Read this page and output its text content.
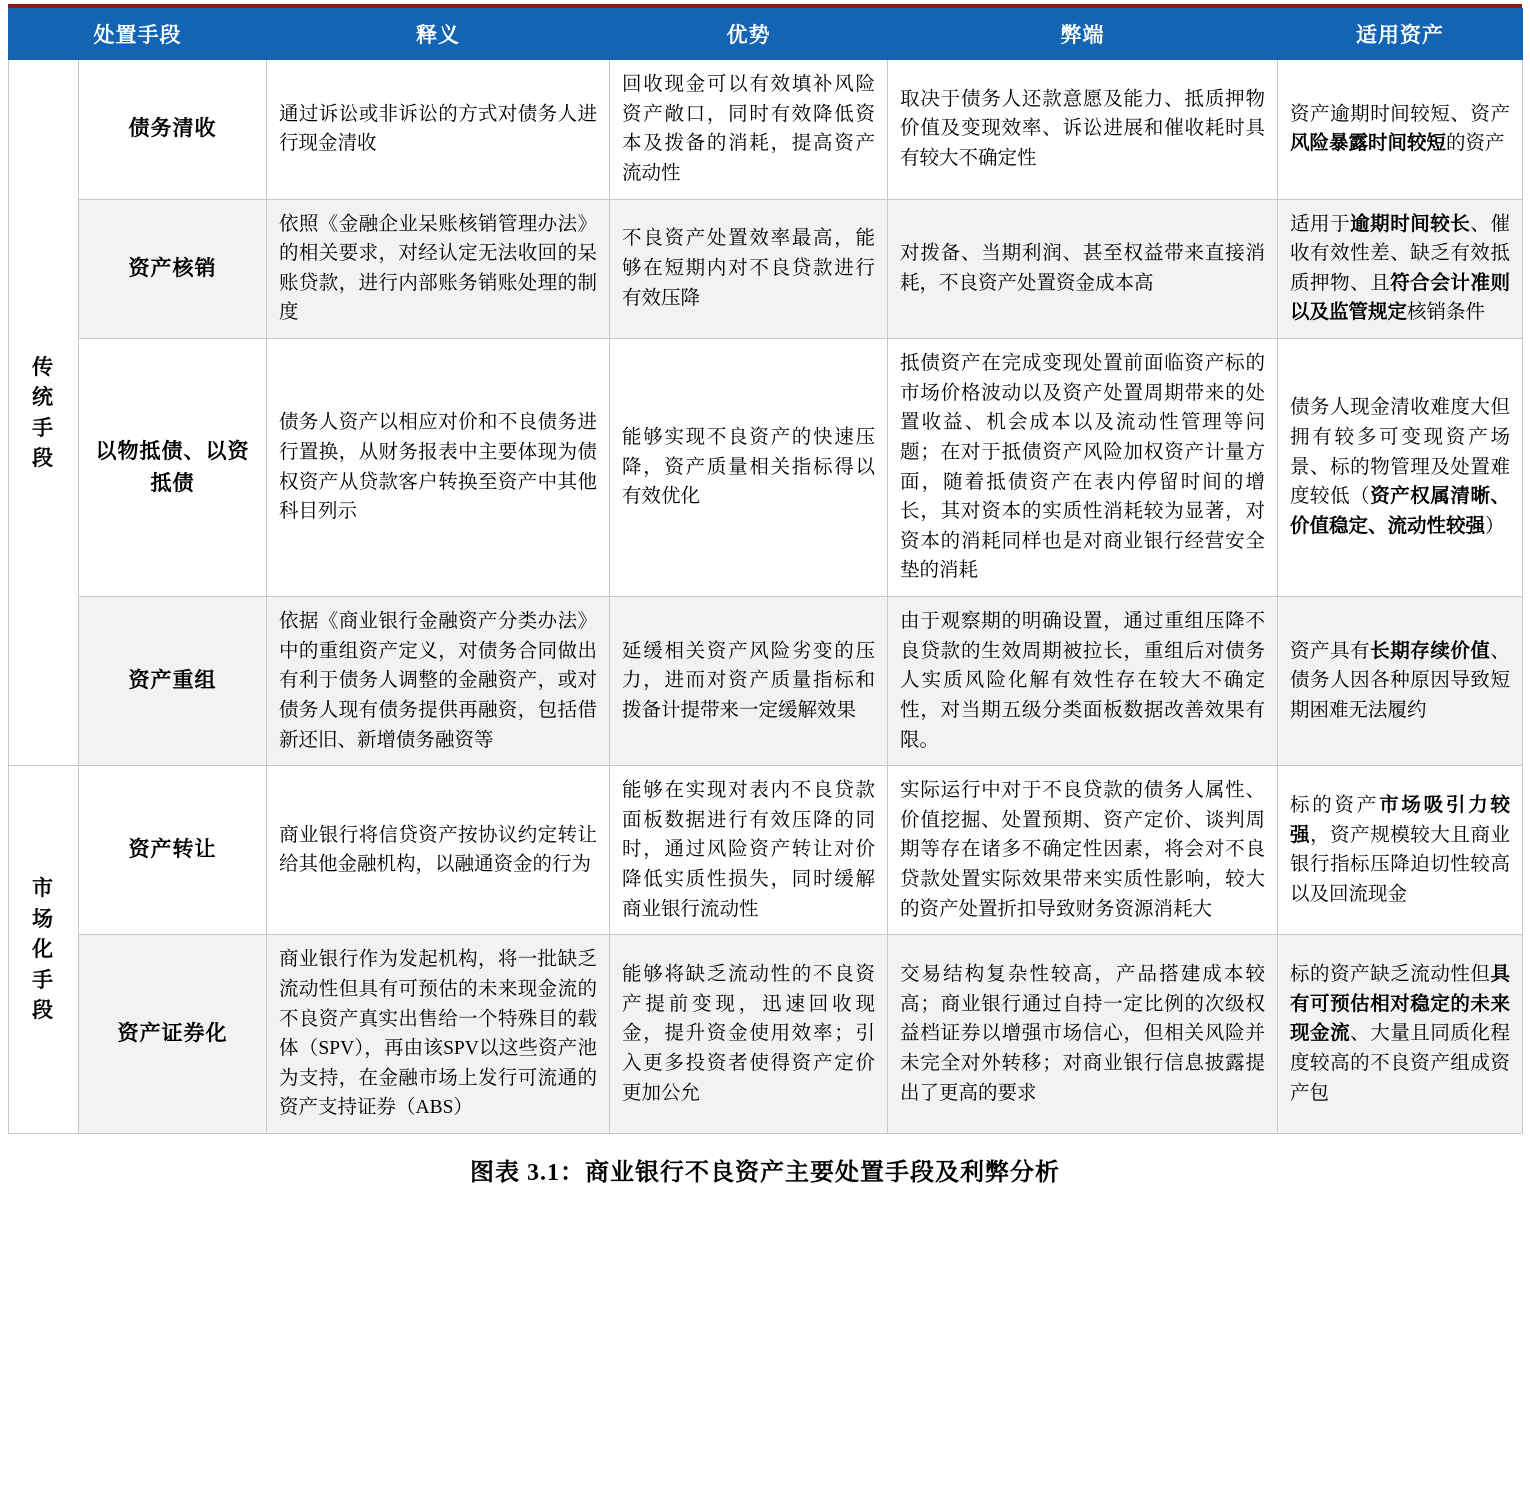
处置手段		释义	优势	弊端	适用资产
传统手段	债务清收	通过诉讼或非诉讼的方式对债务人进行现金清收	回收现金可以有效填补风险资产敞口，同时有效降低资本及拨备的消耗，提高资产流动性	取决于债务人还款意愿及能力、抵质押物价值及变现效率、诉讼进展和催收耗时具有较大不确定性	资产逾期时间较短、资产风险暴露时间较短的资产
	资产核销	依照《金融企业呆账核销管理办法》的相关要求，对经认定无法收回的呆账贷款，进行内部账务销账处理的制度	不良资产处置效率最高，能够在短期内对不良贷款进行有效压降	对拨备、当期利润、甚至权益带来直接消耗，不良资产处置资金成本高	适用于逾期时间较长、催收有效性差、缺乏有效抵质押物、且符合会计准则以及监管规定核销条件
	以物抵债、以资抵债	债务人资产以相应对价和不良债务进行置换，从财务报表中主要体现为债权资产从贷款客户转换至资产中其他科目列示	能够实现不良资产的快速压降，资产质量相关指标得以有效优化	抵债资产在完成变现处置前面临资产标的市场价格波动以及资产处置周期带来的处置收益、机会成本以及流动性管理等问题；在对于抵债资产风险加权资产计量方面，随着抵债资产在表内停留时间的增长，其对资本的实质性消耗较为显著，对资本的消耗同样也是对商业银行经营安全垫的消耗	债务人现金清收难度大但拥有较多可变现资产场景、标的物管理及处置难度较低（资产权属清晰、价值稳定、流动性较强）
	资产重组	依据《商业银行金融资产分类办法》中的重组资产定义，对债务合同做出有利于债务人调整的金融资产，或对债务人现有债务提供再融资，包括借新还旧、新增债务融资等	延缓相关资产风险劣变的压力，进而对资产质量指标和拨备计提带来一定缓解效果	由于观察期的明确设置，通过重组压降不良贷款的生效周期被拉长，重组后对债务人实质风险化解有效性存在较大不确定性，对当期五级分类面板数据改善效果有限。	资产具有长期存续价值、债务人因各种原因导致短期困难无法履约
市场化手段	资产转让	商业银行将信贷资产按协议约定转让给其他金融机构，以融通资金的行为	能够在实现对表内不良贷款面板数据进行有效压降的同时，通过风险资产转让对价降低实质性损失，同时缓解商业银行流动性	实际运行中对于不良贷款的债务人属性、价值挖掘、处置预期、资产定价、谈判周期等存在诸多不确定性因素，将会对不良贷款处置实际效果带来实质性影响，较大的资产处置折扣导致财务资源消耗大	标的资产市场吸引力较强，资产规模较大且商业银行指标压降迫切性较高以及回流现金
	资产证券化	商业银行作为发起机构，将一批缺乏流动性但具有可预估的未来现金流的不良资产真实出售给一个特殊目的载体（SPV），再由该SPV以这些资产池为支持，在金融市场上发行可流通的资产支持证券（ABS）	能够将缺乏流动性的不良资产提前变现，迅速回收现金，提升资金使用效率；引入更多投资者使得资产定价更加公允	交易结构复杂性较高，产品搭建成本较高；商业银行通过自持一定比例的次级权益档证券以增强市场信心，但相关风险并未完全对外转移；对商业银行信息披露提出了更高的要求	标的资产缺乏流动性但具有可预估相对稳定的未来现金流、大量且同质化程度较高的不良资产组成资产包
图表 3.1：商业银行不良资产主要处置手段及利弊分析
